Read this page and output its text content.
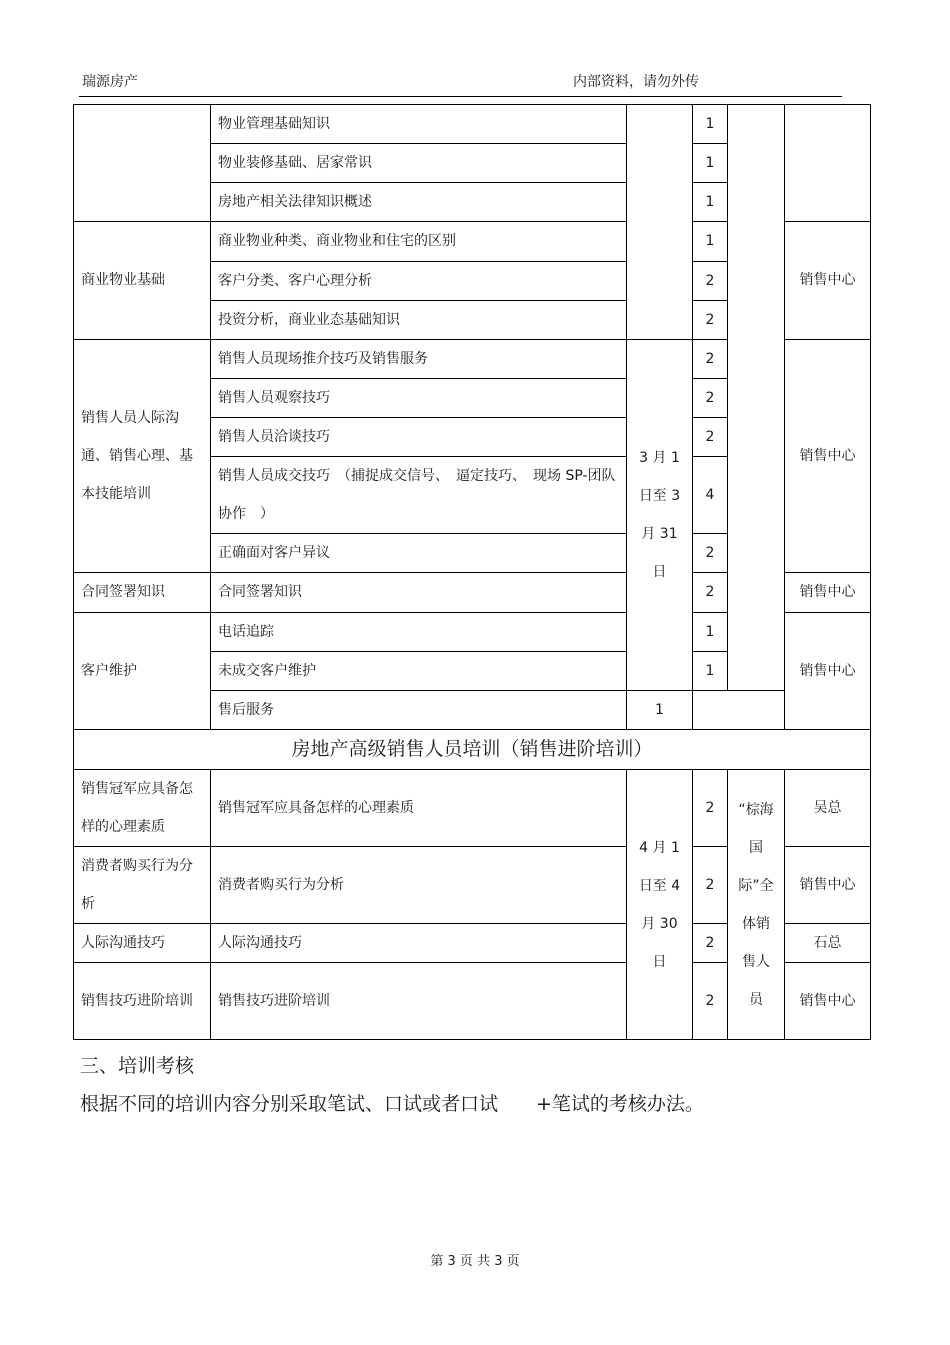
瑞源房产	内部资料，请勿外传
	物业管理基础知识		1		
	物业装修基础、居家常识		1		
	房地产相关法律知识概述		1		
商业物业基础	商业物业种类、商业物业和住宅的区别		1		销售中心
	客户分类、客户心理分析		2		
	投资分析，商业业态基础知识		2		
销售人员人际沟通、销售心理、基本技能培训	销售人员现场推介技巧及销售服务	3 月 1 日至 3 月 31 日	2		销售中心
	销售人员观察技巧		2		
	销售人员洽谈技巧		2		
	销售人员成交技巧　（捕捉成交信号、　逼定技巧、　现场 SP-团队协作　）		4		
	正确面对客户异议		2		
合同签署知识	合同签署知识		2		销售中心
客户维护	电话追踪		1		销售中心
	未成交客户维护		1		
	售后服务	1			
房地产高级销售人员培训（销售进阶培训）					
销售冠军应具备怎样的心理素质	销售冠军应具备怎样的心理素质	4 月 1 日至 4 月 30 日	2	“棕海国际”全体销售人员	吴总
消费者购买行为分析	消费者购买行为分析		2		销售中心
人际沟通技巧	人际沟通技巧		2		石总
销售技巧进阶培训	销售技巧进阶培训		2		销售中心
三、培训考核
根据不同的培训内容分别采取笔试、口试或者口试　　+笔试的考核办法。
第 3 页 共 3 页
